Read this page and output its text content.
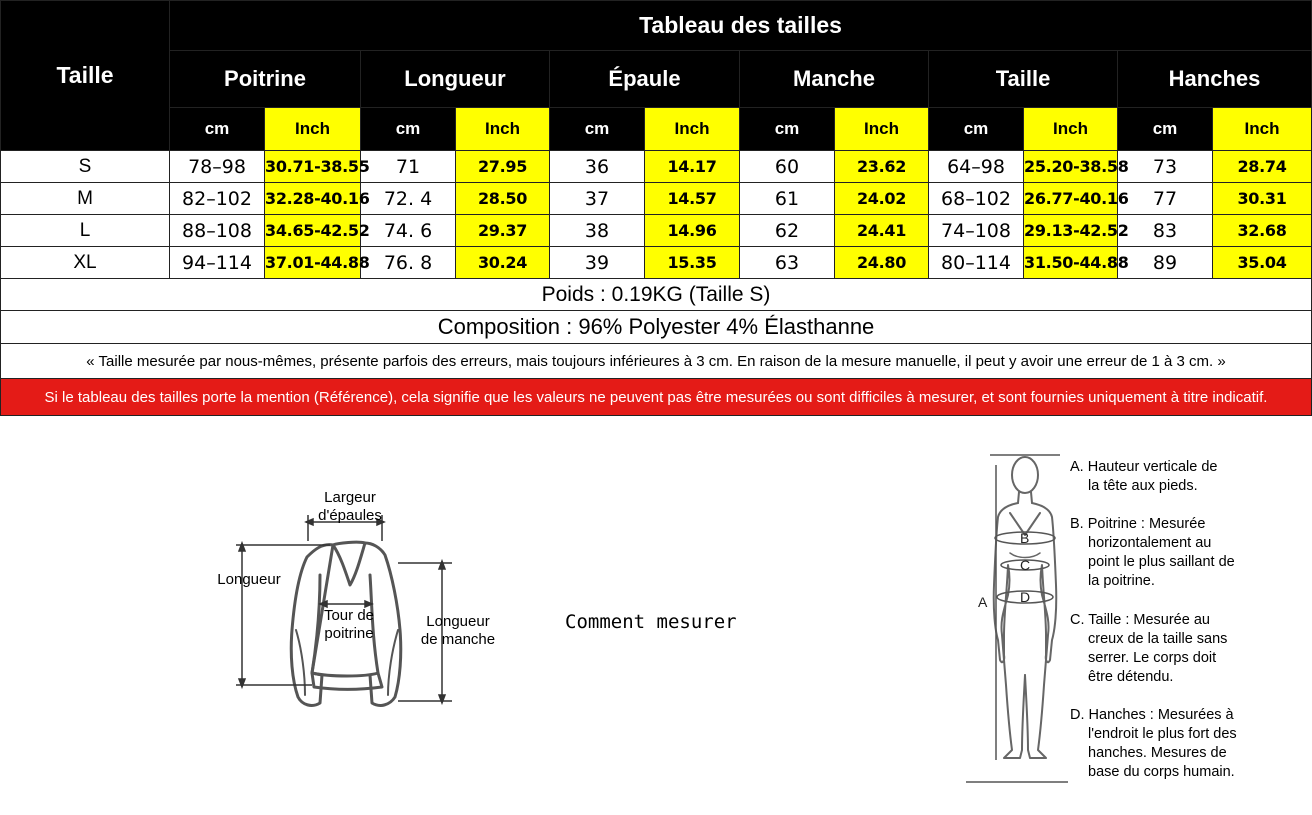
Taille	Tableau des tailles											
	Poitrine		Longueur		Épaule		Manche		Taille		Hanches	
	cm	Inch	cm	Inch	cm	Inch	cm	Inch	cm	Inch	cm	Inch
S	78–98	30.71-38.55	71	27.95	36	14.17	60	23.62	64–98	25.20-38.58	73	28.74
M	82–102	32.28-40.16	72. 4	28.50	37	14.57	61	24.02	68–102	26.77-40.16	77	30.31
L	88–108	34.65-42.52	74. 6	29.37	38	14.96	62	24.41	74–108	29.13-42.52	83	32.68
XL	94–114	37.01-44.88	76. 8	30.24	39	15.35	63	24.80	80–114	31.50-44.88	89	35.04
Poids : 0.19KG (Taille S)												
Composition : 96% Polyester 4% Élasthanne												
« Taille mesurée par nous-mêmes, présente parfois des erreurs, mais toujours inférieures à 3 cm. En raison de la mesure manuelle, il peut y avoir une erreur de 1 à 3 cm. »												
Si le tableau des tailles porte la mention (Référence), cela signifie que les valeurs ne peuvent pas être mesurées ou sont difficiles à mesurer, et sont fournies uniquement à titre indicatif.												
B
C
D
A
Largeur
d'épaules
Longueur
Tour de
poitrine
Longueur
de manche
Comment mesurer
A. Hauteur verticale de
la tête aux pieds.
B. Poitrine : Mesurée
horizontalement au
point le plus saillant de
la poitrine.
C. Taille : Mesurée au
creux de la taille sans
serrer. Le corps doit
être détendu.
D. Hanches : Mesurées à
l'endroit le plus fort des
hanches. Mesures de
base du corps humain.
